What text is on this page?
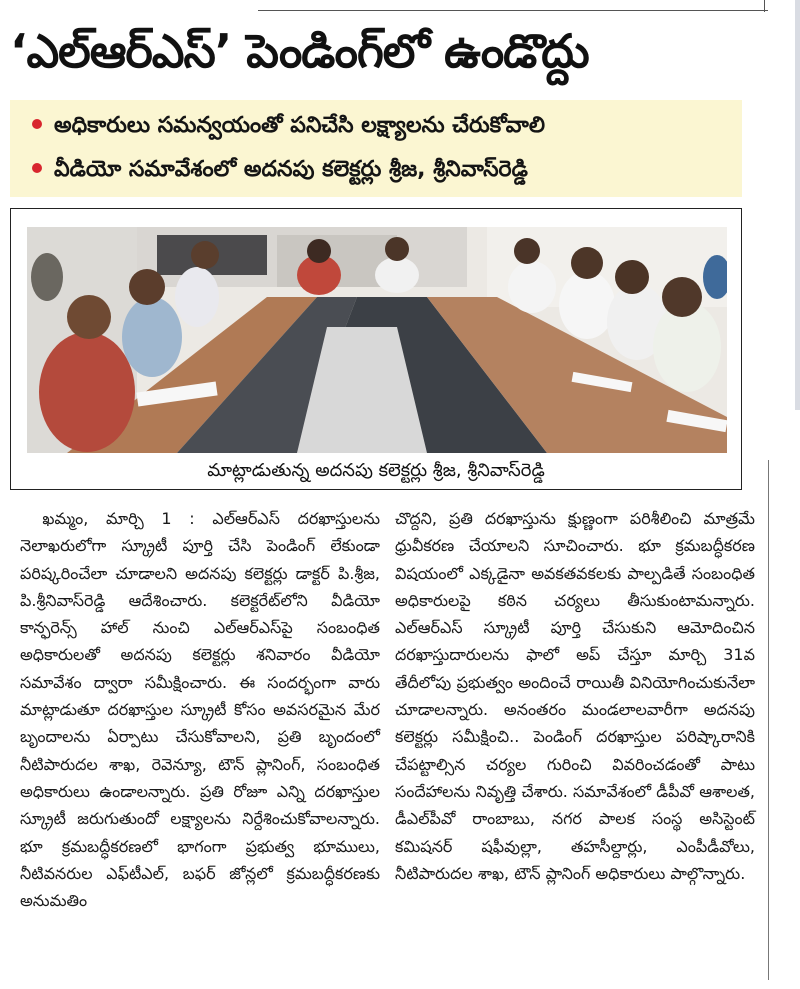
‘ఎల్‌ఆర్‌ఎస్’ పెండింగ్‌లో ఉండొద్దు
అధికారులు సమన్వయంతో పనిచేసి లక్ష్యాలను చేరుకోవాలి
వీడియో సమావేశంలో అదనపు కలెక్టర్లు శ్రీజ, శ్రీనివాస్‌రెడ్డి
మాట్లాడుతున్న అదనపు కలెక్టర్లు శ్రీజ, శ్రీనివాస్‌రెడ్డి

ఖమ్మం, మార్చి 1 : ఎల్‌ఆర్‌ఎస్ దరఖాస్తులను నెలాఖరులోగా స్క్రూటీ పూర్తి చేసి పెండింగ్ లేకుండా పరిష్కరించేలా చూడాలని అదనపు కలెక్టర్లు డాక్టర్ పి.శ్రీజ, పి.శ్రీనివాస్‌రెడ్డి ఆదేశించారు. కలెక్టరేట్‌లోని వీడియో కాన్ఫరెన్స్ హాల్ నుంచి ఎల్‌ఆర్‌ఎస్‌పై సంబంధిత అధికారులతో అదనపు కలెక్టర్లు శనివారం వీడియో సమావేశం ద్వారా సమీక్షించారు. ఈ సందర్భంగా వారు మాట్లాడుతూ దరఖాస్తుల స్క్రూటీ కోసం అవసరమైన మేర బృందాలను ఏర్పాటు చేసుకోవాలని, ప్రతి బృందంలో నీటిపారుదల శాఖ, రెవెన్యూ, టౌన్ ప్లానింగ్, సంబంధిత అధికారులు ఉండాలన్నారు. ప్రతి రోజూ ఎన్ని దరఖాస్తుల స్క్రూటీ జరుగుతుందో లక్ష్యాలను నిర్దేశించుకోవాలన్నారు. భూ క్రమబద్ధీకరణలో భాగంగా ప్రభుత్వ భూములు, నీటివనరుల ఎఫ్‌టీఎల్, బఫర్ జోన్లలో క్రమబద్ధీకరణకు అనుమతిం

చొద్దని, ప్రతి దరఖాస్తును క్షుణ్ణంగా పరిశీలించి మాత్రమే ధ్రువీకరణ చేయాలని సూచించారు. భూ క్రమబద్ధీకరణ విషయంలో ఎక్కడైనా అవకతవకలకు పాల్పడితే సంబంధిత అధికారులపై కఠిన చర్యలు తీసుకుంటామన్నారు. ఎల్‌ఆర్‌ఎస్ స్క్రూటీ పూర్తి చేసుకుని ఆమోదించిన దరఖాస్తుదారులను ఫాలో అప్ చేస్తూ మార్చి 31వ తేదీలోపు ప్రభుత్వం అందించే రాయితీ వినియోగించుకునేలా చూడాలన్నారు. అనంతరం మండలాలవారీగా అదనపు కలెక్టర్లు సమీక్షించి.. పెండింగ్ దరఖాస్తుల పరిష్కారానికి చేపట్టాల్సిన చర్యల గురించి వివరించడంతో పాటు సందేహాలను నివృత్తి చేశారు. సమావేశంలో డీపీవో ఆశాలత, డీఎల్‌పీవో రాంబాబు, నగర పాలక సంస్థ అసిస్టెంట్ కమిషనర్ షఫీవుల్లా, తహసీల్దార్లు, ఎంపీడీవోలు, నీటిపారుదల శాఖ, టౌన్ ప్లానింగ్ అధికారులు పాల్గొన్నారు.
